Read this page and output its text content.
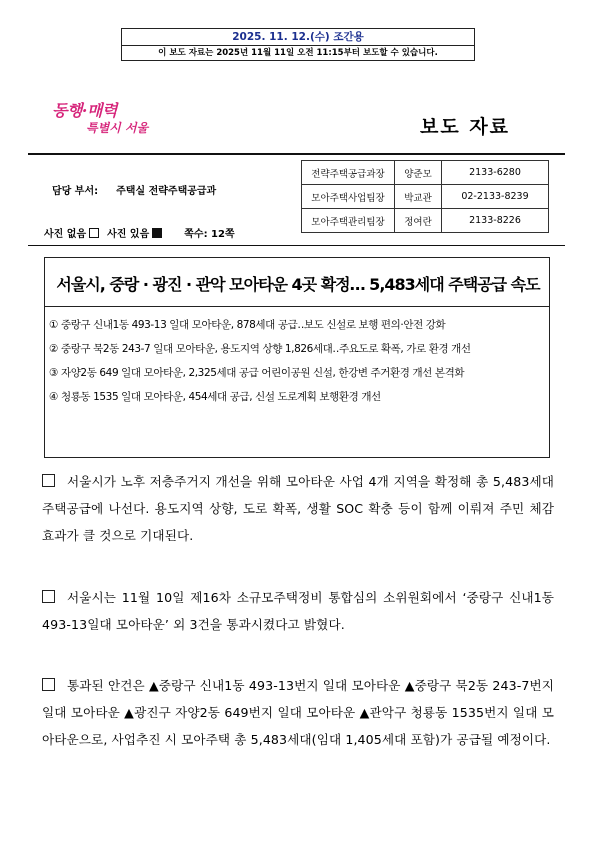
2025. 11. 12.(수) 조간용
이 보도 자료는 2025년 11월 11일 오전 11:15부터 보도할 수 있습니다.
동행·매력
특별시 서울	보도 자료
담당 부서: 주택실 전략주택공급과
사진 없음 사진 있음	쪽수: 12쪽
전략주택공급과장	양준모	2133-6280
모아주택사업팀장	박교관	02-2133-8239
모아주택관리팀장	정여란	2133-8226
서울시, 중랑 · 광진 · 관악 모아타운 4곳 확정… 5,483세대 주택공급 속도
① 중랑구 신내1동 493-13 일대 모아타운, 878세대 공급‥보도 신설로 보행 편의·안전 강화
② 중랑구 묵2동 243-7 일대 모아타운, 용도지역 상향 1,826세대‥주요도로 확폭, 가로 환경 개선
③ 자양2동 649 일대 모아타운, 2,325세대 공급 어린이공원 신설, 한강변 주거환경 개선 본격화
④ 청룡동 1535 일대 모아타운, 454세대 공급, 신설 도로계획 보행환경 개선
서울시가 노후 저층주거지 개선을 위해 모아타운 사업 4개 지역을 확정해 총 5,483세대 주택공급에 나선다. 용도지역 상향, 도로 확폭, 생활 SOC 확충 등이 함께 이뤄져 주민 체감 효과가 클 것으로 기대된다.
서울시는 11월 10일 제16차 소규모주택정비 통합심의 소위원회에서 ‘중랑구 신내1동 493-13일대 모아타운’ 외 3건을 통과시켰다고 밝혔다.
통과된 안건은 ▲중랑구 신내1동 493-13번지 일대 모아타운 ▲중랑구 묵2동 243-7번지 일대 모아타운 ▲광진구 자양2동 649번지 일대 모아타운 ▲관악구 청룡동 1535번지 일대 모아타운으로, 사업추진 시 모아주택 총 5,483세대(임대 1,405세대 포함)가 공급될 예정이다.
